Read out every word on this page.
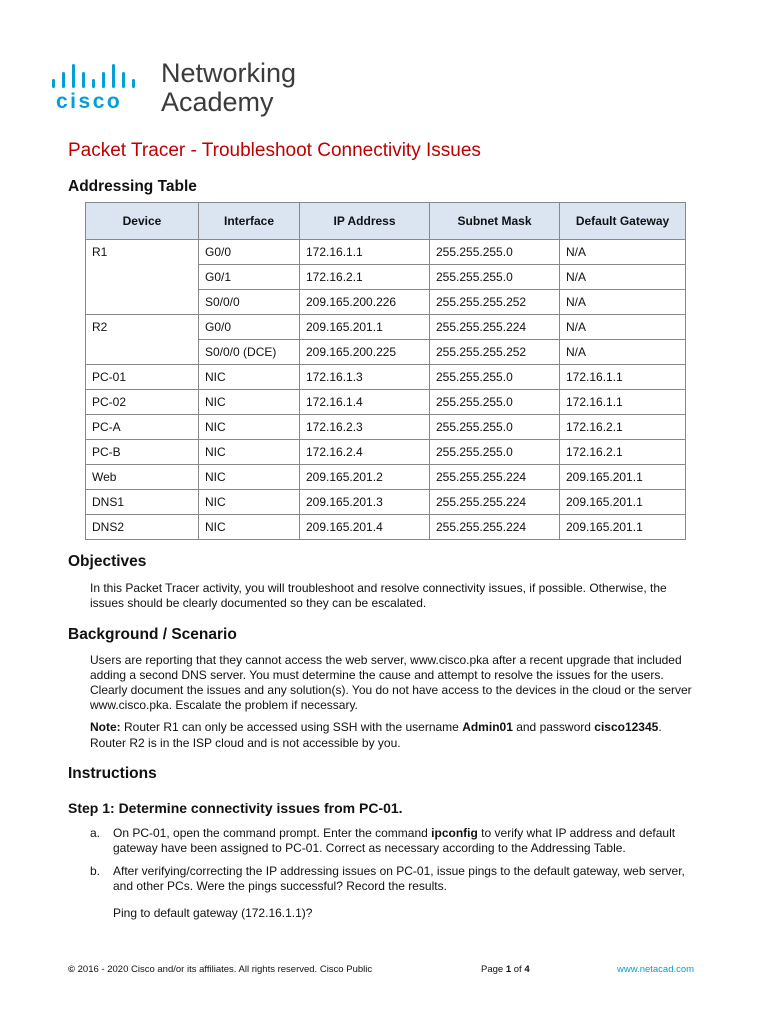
cisco
Networking
Academy
Packet Tracer - Troubleshoot Connectivity Issues
Addressing Table
Device	Interface	IP Address	Subnet Mask	Default Gateway
R1	G0/0	172.16.1.1	255.255.255.0	N/A
	G0/1	172.16.2.1	255.255.255.0	N/A
	S0/0/0	209.165.200.226	255.255.255.252	N/A
R2	G0/0	209.165.201.1	255.255.255.224	N/A
	S0/0/0 (DCE)	209.165.200.225	255.255.255.252	N/A
PC-01	NIC	172.16.1.3	255.255.255.0	172.16.1.1
PC-02	NIC	172.16.1.4	255.255.255.0	172.16.1.1
PC-A	NIC	172.16.2.3	255.255.255.0	172.16.2.1
PC-B	NIC	172.16.2.4	255.255.255.0	172.16.2.1
Web	NIC	209.165.201.2	255.255.255.224	209.165.201.1
DNS1	NIC	209.165.201.3	255.255.255.224	209.165.201.1
DNS2	NIC	209.165.201.4	255.255.255.224	209.165.201.1
Objectives

In this Packet Tracer activity, you will troubleshoot and resolve connectivity issues, if possible. Otherwise, the issues should be clearly documented so they can be escalated.

Background / Scenario

Users are reporting that they cannot access the web server, www.cisco.pka after a recent upgrade that included adding a second DNS server. You must determine the cause and attempt to resolve the issues for the users. Clearly document the issues and any solution(s). You do not have access to the devices in the cloud or the server www.cisco.pka. Escalate the problem if necessary.

Note: Router R1 can only be accessed using SSH with the username Admin01 and password cisco12345.

Router R2 is in the ISP cloud and is not accessible by you.

Instructions
Step 1: Determine connectivity issues from PC-01.
a. On PC-01, open the command prompt. Enter the command ipconfig to verify what IP address and default gateway have been assigned to PC-01. Correct as necessary according to the Addressing Table.
b. After verifying/correcting the IP addressing issues on PC-01, issue pings to the default gateway, web server, and other PCs. Were the pings successful? Record the results.

Ping to default gateway (172.16.1.1)?

© 2016 - 2020 Cisco and/or its affiliates. All rights reserved. Cisco Public	Page 1 of 4	www.netacad.com
